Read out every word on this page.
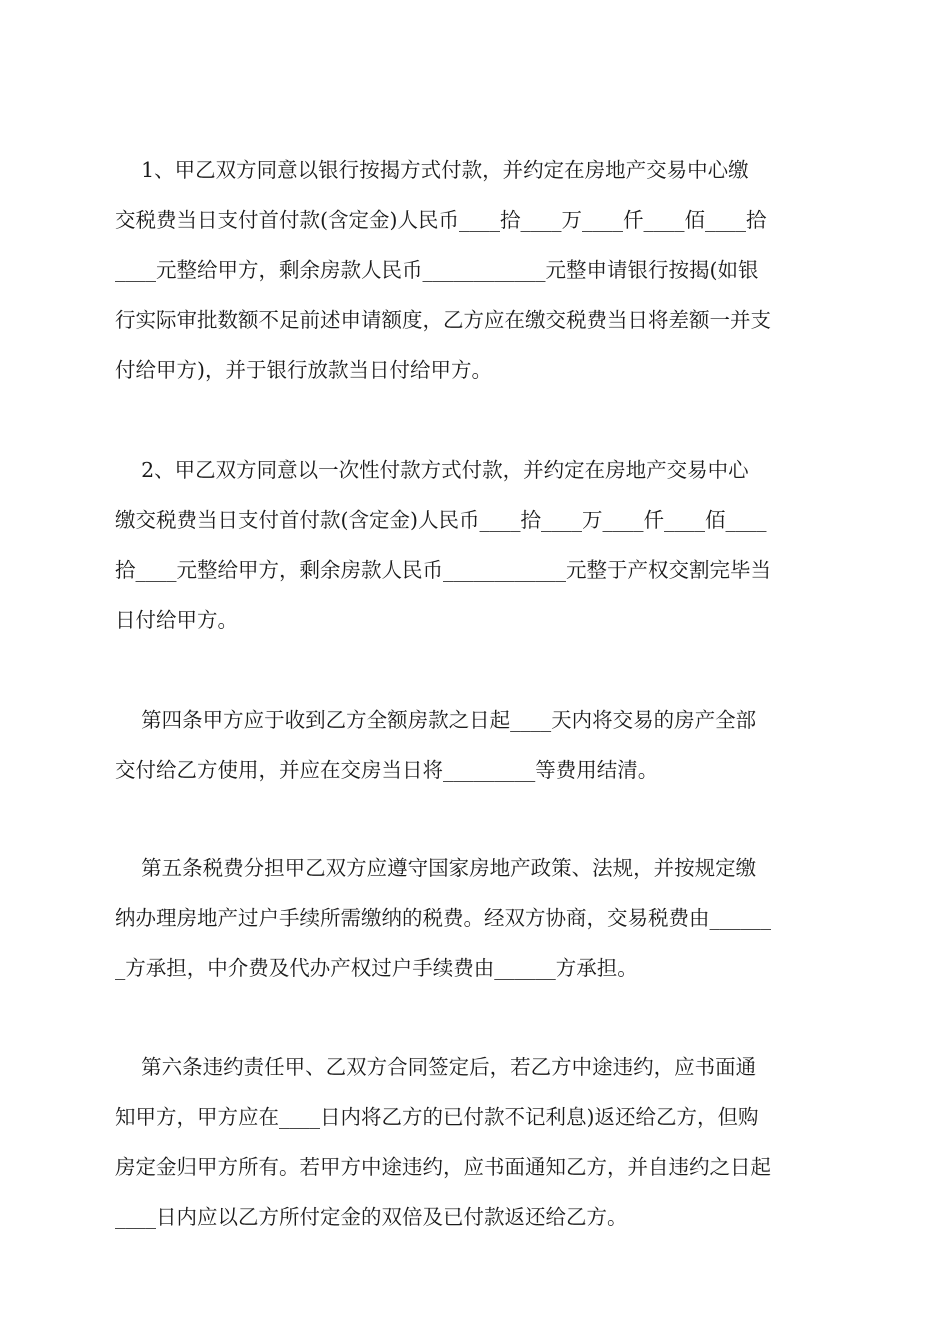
1、甲乙双方同意以银行按揭方式付款，并约定在房地产交易中心缴
交税费当日支付首付款(含定金)人民币____拾____万____仟____佰____拾
____元整给甲方，剩余房款人民币____________元整申请银行按揭(如银
行实际审批数额不足前述申请额度，乙方应在缴交税费当日将差额一并支
付给甲方)，并于银行放款当日付给甲方。
2、甲乙双方同意以一次性付款方式付款，并约定在房地产交易中心
缴交税费当日支付首付款(含定金)人民币____拾____万____仟____佰____
拾____元整给甲方，剩余房款人民币____________元整于产权交割完毕当
日付给甲方。
第四条甲方应于收到乙方全额房款之日起____天内将交易的房产全部
交付给乙方使用，并应在交房当日将_________等费用结清。
第五条税费分担甲乙双方应遵守国家房地产政策、法规，并按规定缴
纳办理房地产过户手续所需缴纳的税费。经双方协商，交易税费由______
_方承担，中介费及代办产权过户手续费由______方承担。
第六条违约责任甲、乙双方合同签定后，若乙方中途违约，应书面通
知甲方，甲方应在____日内将乙方的已付款不记利息)返还给乙方，但购
房定金归甲方所有。若甲方中途违约，应书面通知乙方，并自违约之日起
____日内应以乙方所付定金的双倍及已付款返还给乙方。
